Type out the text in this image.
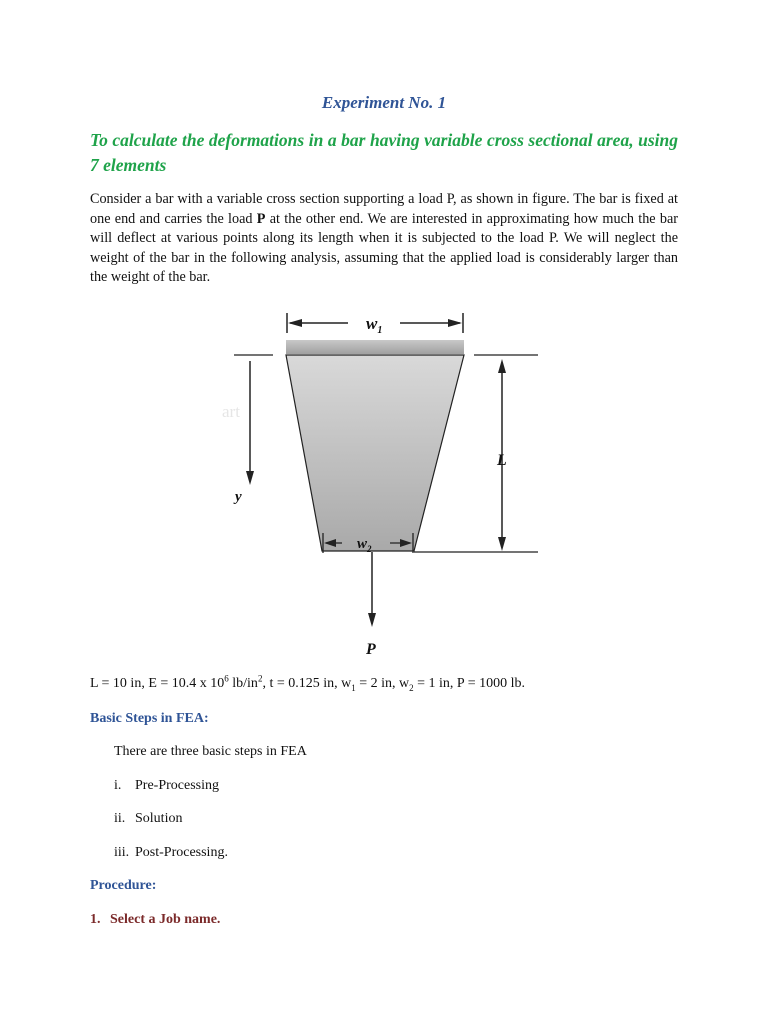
Experiment No. 1
To calculate the deformations in a bar having variable cross sectional area, using 7 elements
Consider a bar with a variable cross section supporting a load P, as shown in figure. The bar is fixed at one end and carries the load P at the other end. We are interested in approximating how much the bar will deflect at various points along its length when it is subjected to the load P. We will neglect the weight of the bar in the following analysis, assuming that the applied load is considerably larger than the weight of the bar.
art
$w_1$
y
L
$w_2$
P
L = 10 in, E = 10.4 x $10^6$ $lb/in^2$, t = 0.125 in, $w_1 = 2$ in, $w_2 = 1$ in, P = 1000 lb.
Basic Steps in FEA:
There are three basic steps in FEA
i. Pre-Processing
ii. Solution
iii. Post-Processing.
Procedure:
1. Select a Job name.
